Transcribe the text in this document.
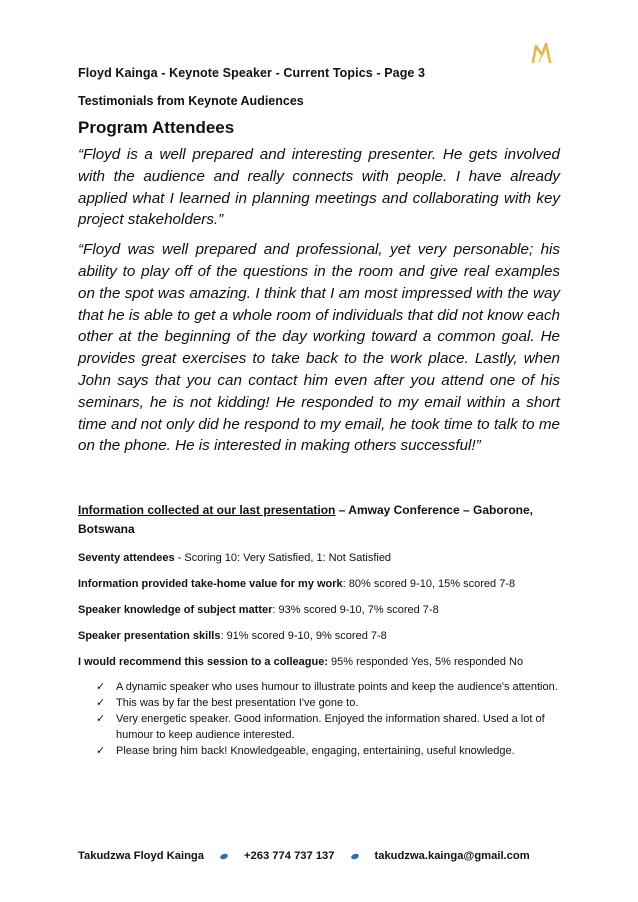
Floyd Kainga - Keynote Speaker - Current Topics - Page 3
Testimonials from Keynote Audiences
Program Attendees

“Floyd is a well prepared and interesting presenter. He gets involved with the audience and really connects with people. I have already applied what I learned in planning meetings and collaborating with key project stakeholders.”

“Floyd was well prepared and professional, yet very personable; his ability to play off of the questions in the room and give real examples on the spot was amazing. I think that I am most impressed with the way that he is able to get a whole room of individuals that did not know each other at the beginning of the day working toward a common goal. He provides great exercises to take back to the work place. Lastly, when John says that you can contact him even after you attend one of his seminars, he is not kidding! He responded to my email within a short time and not only did he respond to my email, he took time to talk to me on the phone. He is interested in making others successful!”

Information collected at our last presentation – Amway Conference – Gaborone, Botswana
Seventy attendees - Scoring 10: Very Satisfied, 1: Not Satisfied
Information provided take-home value for my work: 80% scored 9-10, 15% scored 7-8
Speaker knowledge of subject matter: 93% scored 9-10, 7% scored 7-8
Speaker presentation skills: 91% scored 9-10, 9% scored 7-8
I would recommend this session to a colleague: 95% responded Yes, 5% responded No
✓ A dynamic speaker who uses humour to illustrate points and keep the audience's attention.
✓ This was by far the best presentation I've gone to.
✓ Very energetic speaker. Good information. Enjoyed the information shared. Used a lot of humour to keep audience interested.
✓ Please bring him back! Knowledgeable, engaging, entertaining, useful knowledge.
Takudzwa Floyd Kainga	+263 774 737 137	takudzwa.kainga@gmail.com
